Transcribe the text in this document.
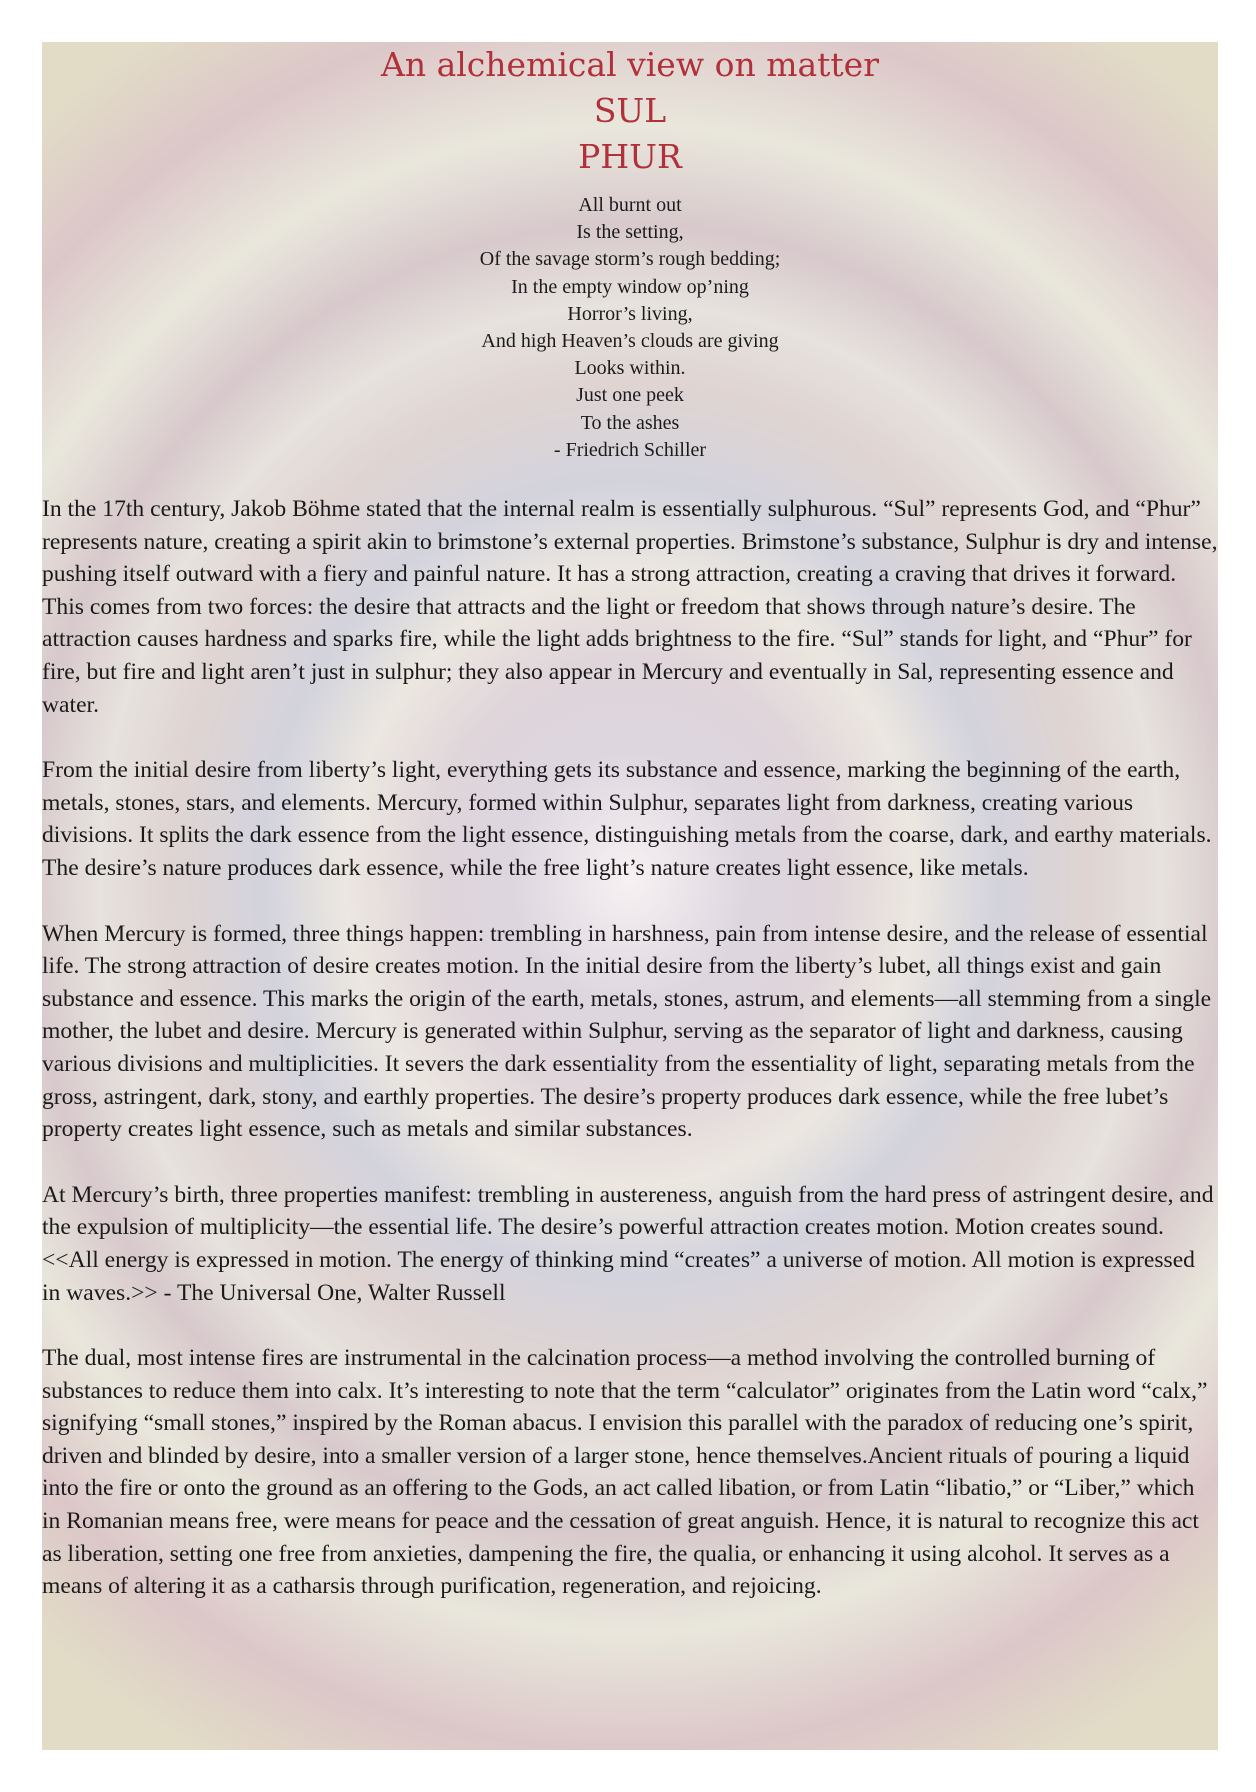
An alchemical view on matter
SUL
PHUR
All burnt out
Is the setting,
Of the savage storm’s rough bedding;
In the empty window op’ning
Horror’s living,
And high Heaven’s clouds are giving
Looks within.
Just one peek
To the ashes
- Friedrich Schiller

In the 17th century, Jakob Böhme stated that the internal realm is essentially sulphurous. “Sul” represents God, and “Phur” represents nature, creating a spirit akin to brimstone’s external properties. Brimstone’s substance, Sulphur is dry and intense, pushing itself outward with a fiery and painful nature. It has a strong attraction, creating a craving that drives it forward. This comes from two forces: the desire that attracts and the light or freedom that shows through nature’s desire. The attraction causes hardness and sparks fire, while the light adds brightness to the fire. “Sul” stands for light, and “Phur” for fire, but fire and light aren’t just in sulphur; they also appear in Mercury and eventually in Sal, representing essence and water.

From the initial desire from liberty’s light, everything gets its substance and essence, marking the beginning of the earth, metals, stones, stars, and elements. Mercury, formed within Sulphur, separates light from darkness, creating various divisions. It splits the dark essence from the light essence, distinguishing metals from the coarse, dark, and earthy materials. The desire’s nature produces dark essence, while the free light’s nature creates light essence, like metals.

When Mercury is formed, three things happen: trembling in harshness, pain from intense desire, and the release of essential life. The strong attraction of desire creates motion. In the initial desire from the liberty’s lubet, all things exist and gain substance and essence. This marks the origin of the earth, metals, stones, astrum, and elements—all stemming from a single mother, the lubet and desire. Mercury is generated within Sulphur, serving as the separator of light and darkness, causing various divisions and multiplicities. It severs the dark essentiality from the essentiality of light, separating metals from the gross, astringent, dark, stony, and earthly properties. The desire’s property produces dark essence, while the free lubet’s property creates light essence, such as metals and similar substances.

At Mercury’s birth, three properties manifest: trembling in austereness, anguish from the hard press of astringent desire, and the expulsion of multiplicity—the essential life. The desire’s powerful attraction creates motion. Motion creates sound. <<All energy is expressed in motion. The energy of thinking mind “creates” a universe of motion. All motion is expressed in waves.>> - The Universal One, Walter Russell

The dual, most intense fires are instrumental in the calcination process—a method involving the controlled burning of substances to reduce them into calx. It’s interesting to note that the term “calculator” originates from the Latin word “calx,” signifying “small stones,” inspired by the Roman abacus. I envision this parallel with the paradox of reducing one’s spirit, driven and blinded by desire, into a smaller version of a larger stone, hence themselves.Ancient rituals of pouring a liquid into the fire or onto the ground as an offering to the Gods, an act called libation, or from Latin “libatio,” or “Liber,” which in Romanian means free, were means for peace and the cessation of great anguish. Hence, it is natural to recognize this act as liberation, setting one free from anxieties, dampening the fire, the qualia, or enhancing it using alcohol. It serves as a means of altering it as a catharsis through purification, regeneration, and rejoicing.
